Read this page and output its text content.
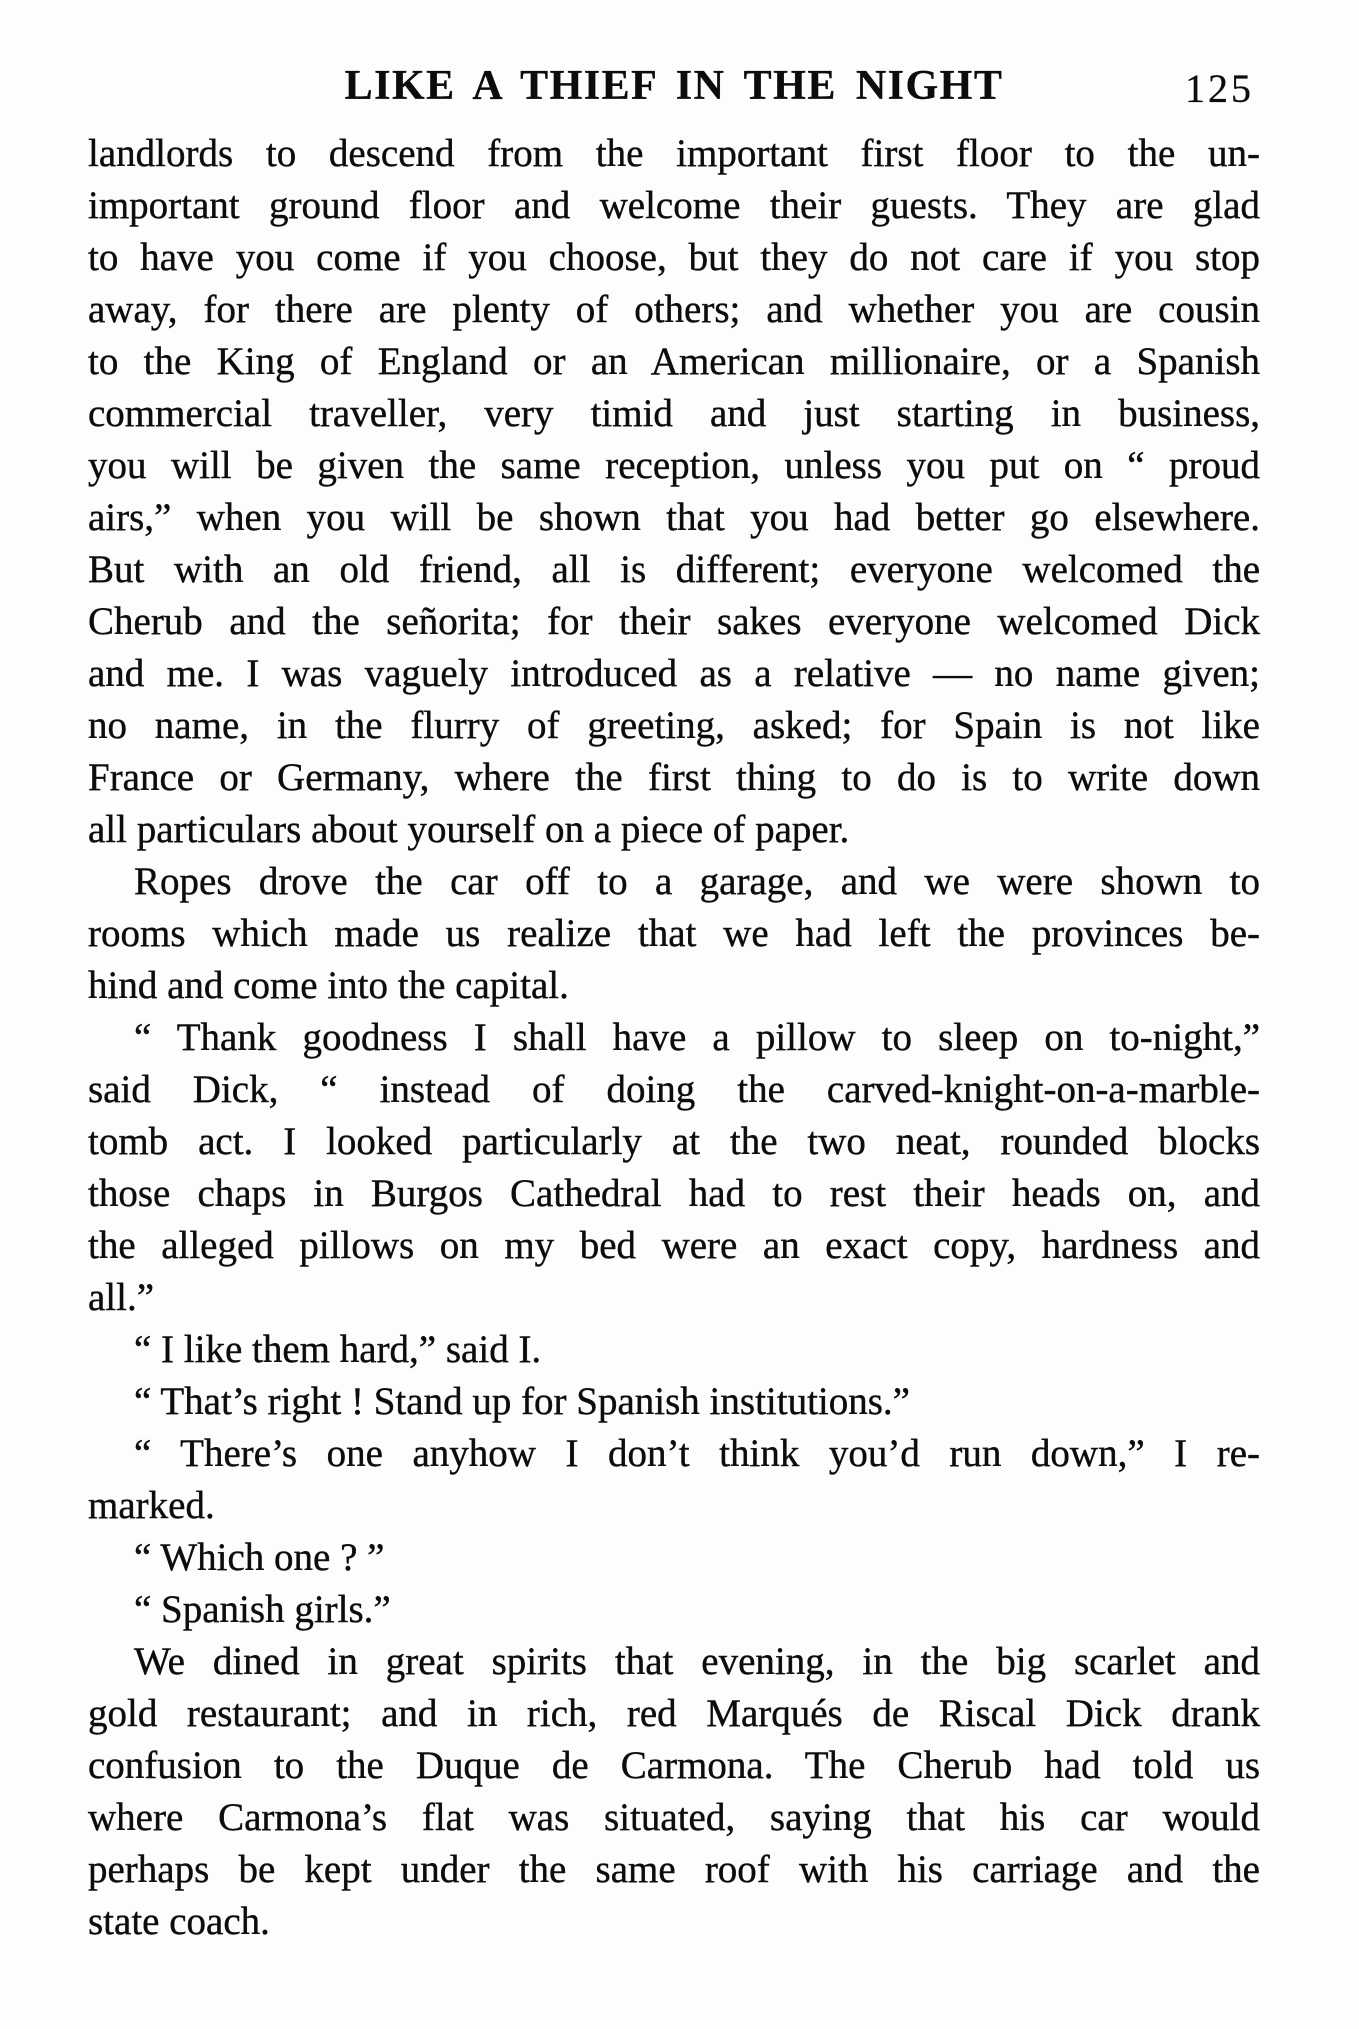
LIKE A THIEF IN THE NIGHT	125
landlords to descend from the important first floor to the un-
important ground floor and welcome their guests. They are glad
to have you come if you choose, but they do not care if you stop
away, for there are plenty of others; and whether you are cousin
to the King of England or an American millionaire, or a Spanish
commercial traveller, very timid and just starting in business,
you will be given the same reception, unless you put on “ proud
airs,” when you will be shown that you had better go elsewhere.
But with an old friend, all is different; everyone welcomed the
Cherub and the señorita; for their sakes everyone welcomed Dick
and me. I was vaguely introduced as a relative — no name given;
no name, in the flurry of greeting, asked; for Spain is not like
France or Germany, where the first thing to do is to write down
all particulars about yourself on a piece of paper.
Ropes drove the car off to a garage, and we were shown to
rooms which made us realize that we had left the provinces be-
hind and come into the capital.
“ Thank goodness I shall have a pillow to sleep on to-night,”
said Dick, “ instead of doing the carved-knight-on-a-marble-
tomb act. I looked particularly at the two neat, rounded blocks
those chaps in Burgos Cathedral had to rest their heads on, and
the alleged pillows on my bed were an exact copy, hardness and
all.”
“ I like them hard,” said I.
“ That’s right ! Stand up for Spanish institutions.”
“ There’s one anyhow I don’t think you’d run down,” I re-
marked.
“ Which one ? ”
“ Spanish girls.”
We dined in great spirits that evening, in the big scarlet and
gold restaurant; and in rich, red Marqués de Riscal Dick drank
confusion to the Duque de Carmona. The Cherub had told us
where Carmona’s flat was situated, saying that his car would
perhaps be kept under the same roof with his carriage and the
state coach.
